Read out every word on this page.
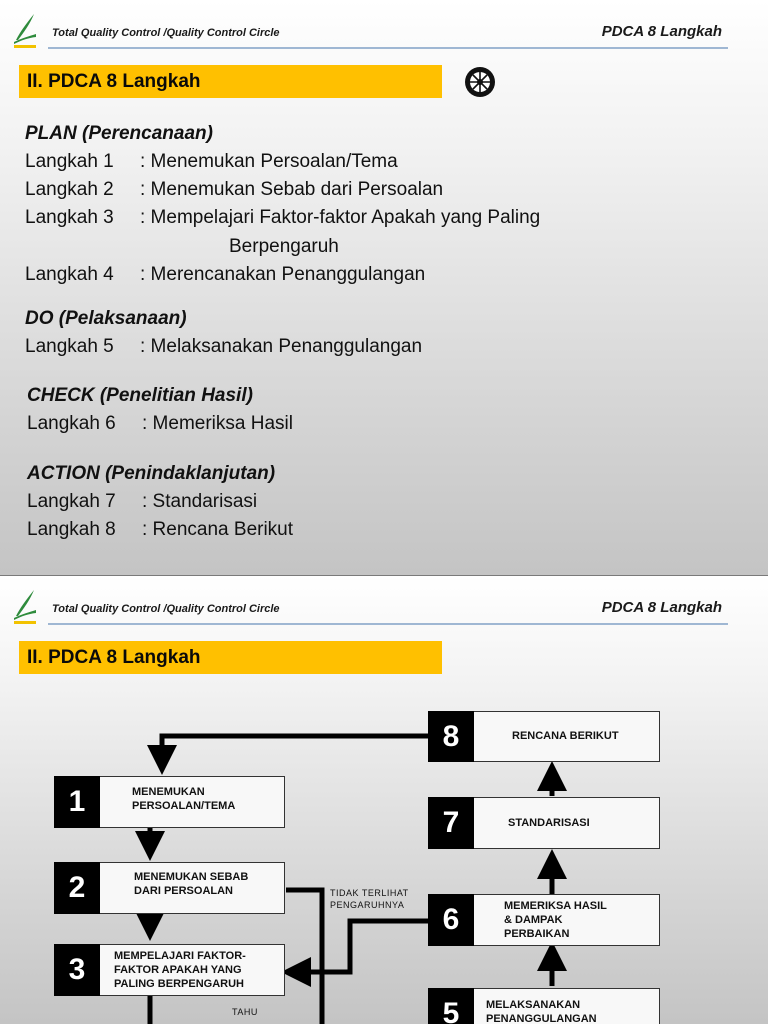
Total Quality Control /Quality Control Circle	PDCA 8 Langkah
II. PDCA 8 Langkah
PLAN (Perencanaan)
Langkah 1 : Menemukan Persoalan/Tema
Langkah 2 : Menemukan Sebab dari Persoalan
Langkah 3 : Mempelajari Faktor-faktor Apakah yang Paling
Berpengaruh
Langkah 4 : Merencanakan Penanggulangan
DO (Pelaksanaan)
Langkah 5 : Melaksanakan Penanggulangan
CHECK (Penelitian Hasil)
Langkah 6 : Memeriksa Hasil
ACTION (Penindaklanjutan)
Langkah 7 : Standarisasi
Langkah 8 : Rencana Berikut
Total Quality Control /Quality Control Circle	PDCA 8 Langkah
II. PDCA 8 Langkah
8	RENCANA BERIKUT
1	MENEMUKAN
PERSOALAN/TEMA	7	STANDARISASI
2	MENEMUKAN SEBAB
DARI PERSOALAN	TIDAK TERLIHAT
PENGARUHNYA	6	MEMERIKSA HASIL
& DAMPAK
PERBAIKAN
3	MEMPELAJARI FAKTOR-
FAKTOR APAKAH YANG
PALING BERPENGARUH
TAHU	5	MELAKSANAKAN
PENANGGULANGAN
